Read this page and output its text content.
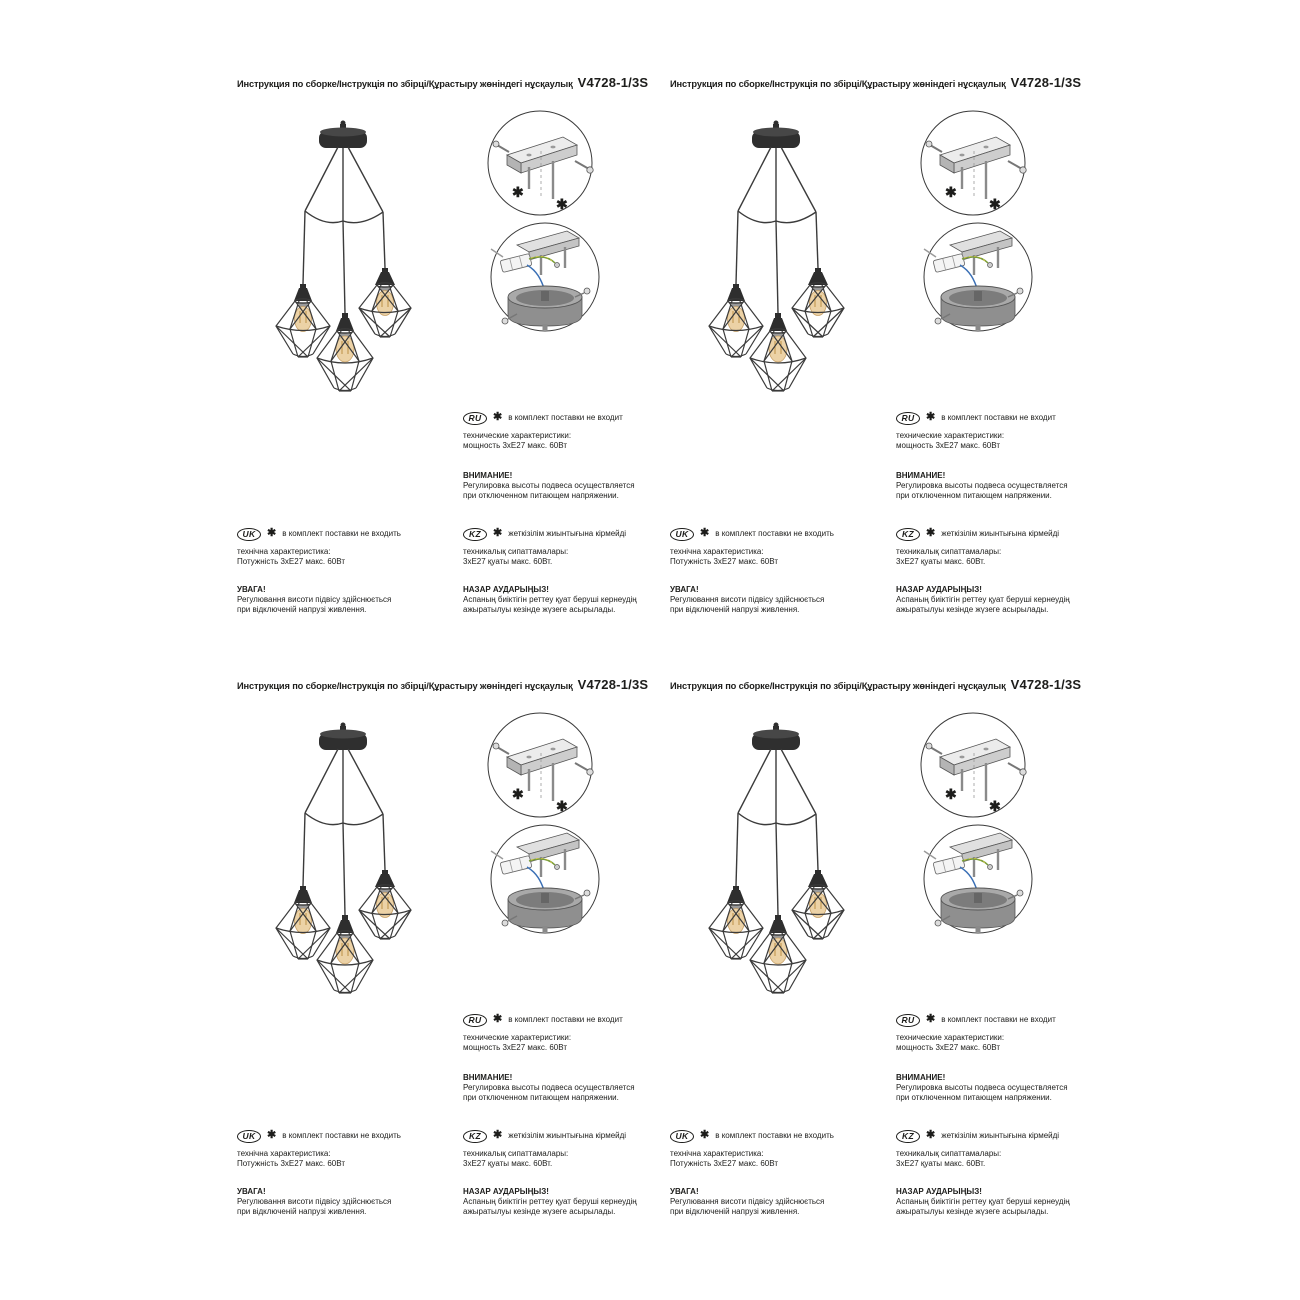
Инструкция по сборке/Інструкція по збірці/Құрастыру жөніндегі нұсқаулық V4728-1/3S
✱
✱
RU	✱ в комплект поставки не входит
технические характеристики:
мощность 3хЕ27 макс. 60Вт
ВНИМАНИЕ!
Регулировка высоты подвеса осуществляется
при отключенном питающем напряжении.
UK	✱ в комплект поставки не входить
технічна характеристика:
Потужність 3хЕ27 макс. 60Вт
KZ	✱ жеткізілім жиынтығына кірмейді
техникалық сипаттамалары:
3хЕ27 қуаты макс. 60Вт.
УВАГА!
Регулювання висоти підвісу здійснюється
при відключеній напрузі живлення.
НАЗАР АУДАРЫҢЫЗ!
Аспаның биіктігін реттеу қуат беруші кернеудің
ажыратылуы кезінде жүзеге асырылады.
Инструкция по сборке/Інструкція по збірці/Құрастыру жөніндегі нұсқаулық V4728-1/3S
✱
✱
RU	✱ в комплект поставки не входит
технические характеристики:
мощность 3хЕ27 макс. 60Вт
ВНИМАНИЕ!
Регулировка высоты подвеса осуществляется
при отключенном питающем напряжении.
UK	✱ в комплект поставки не входить
технічна характеристика:
Потужність 3хЕ27 макс. 60Вт
KZ	✱ жеткізілім жиынтығына кірмейді
техникалық сипаттамалары:
3хЕ27 қуаты макс. 60Вт.
УВАГА!
Регулювання висоти підвісу здійснюється
при відключеній напрузі живлення.
НАЗАР АУДАРЫҢЫЗ!
Аспаның биіктігін реттеу қуат беруші кернеудің
ажыратылуы кезінде жүзеге асырылады.
Инструкция по сборке/Інструкція по збірці/Құрастыру жөніндегі нұсқаулық V4728-1/3S
✱
✱
RU	✱ в комплект поставки не входит
технические характеристики:
мощность 3хЕ27 макс. 60Вт
ВНИМАНИЕ!
Регулировка высоты подвеса осуществляется
при отключенном питающем напряжении.
UK	✱ в комплект поставки не входить
технічна характеристика:
Потужність 3хЕ27 макс. 60Вт
KZ	✱ жеткізілім жиынтығына кірмейді
техникалық сипаттамалары:
3хЕ27 қуаты макс. 60Вт.
УВАГА!
Регулювання висоти підвісу здійснюється
при відключеній напрузі живлення.
НАЗАР АУДАРЫҢЫЗ!
Аспаның биіктігін реттеу қуат беруші кернеудің
ажыратылуы кезінде жүзеге асырылады.
Инструкция по сборке/Інструкція по збірці/Құрастыру жөніндегі нұсқаулық V4728-1/3S
✱
✱
RU	✱ в комплект поставки не входит
технические характеристики:
мощность 3хЕ27 макс. 60Вт
ВНИМАНИЕ!
Регулировка высоты подвеса осуществляется
при отключенном питающем напряжении.
UK	✱ в комплект поставки не входить
технічна характеристика:
Потужність 3хЕ27 макс. 60Вт
KZ	✱ жеткізілім жиынтығына кірмейді
техникалық сипаттамалары:
3хЕ27 қуаты макс. 60Вт.
УВАГА!
Регулювання висоти підвісу здійснюється
при відключеній напрузі живлення.
НАЗАР АУДАРЫҢЫЗ!
Аспаның биіктігін реттеу қуат беруші кернеудің
ажыратылуы кезінде жүзеге асырылады.
